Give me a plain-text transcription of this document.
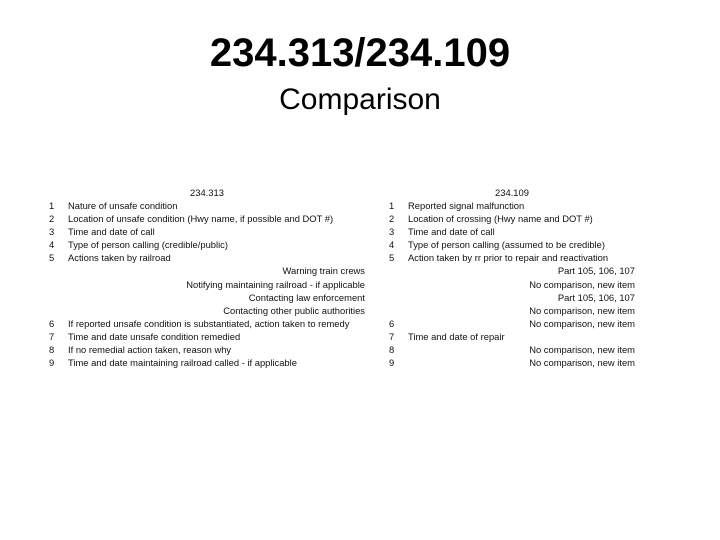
234.313/234.109
Comparison
234.313
1	Nature of unsafe condition
2	Location of unsafe condition (Hwy name, if possible and DOT #)
3	Time and date of call
4	Type of person calling (credible/public)
5	Actions taken by railroad
Warning train crews
Notifying maintaining railroad - if applicable
Contacting law enforcement
Contacting other public authorities
6	If reported unsafe condition is substantiated, action taken to remedy
7	Time and date unsafe condition remedied
8	If no remedial action taken, reason why
9	Time and date maintaining railroad called - if applicable
234.109
1	Reported signal malfunction
2	Location of crossing (Hwy name and DOT #)
3	Time and date of call
4	Type of person calling (assumed to be credible)
5	Action taken by rr prior to repair and reactivation
Part 105, 106, 107
No comparison, new item
Part 105, 106, 107
No comparison, new item
6	No comparison, new item
7	Time and date of repair
8	No comparison, new item
9	No comparison, new item
